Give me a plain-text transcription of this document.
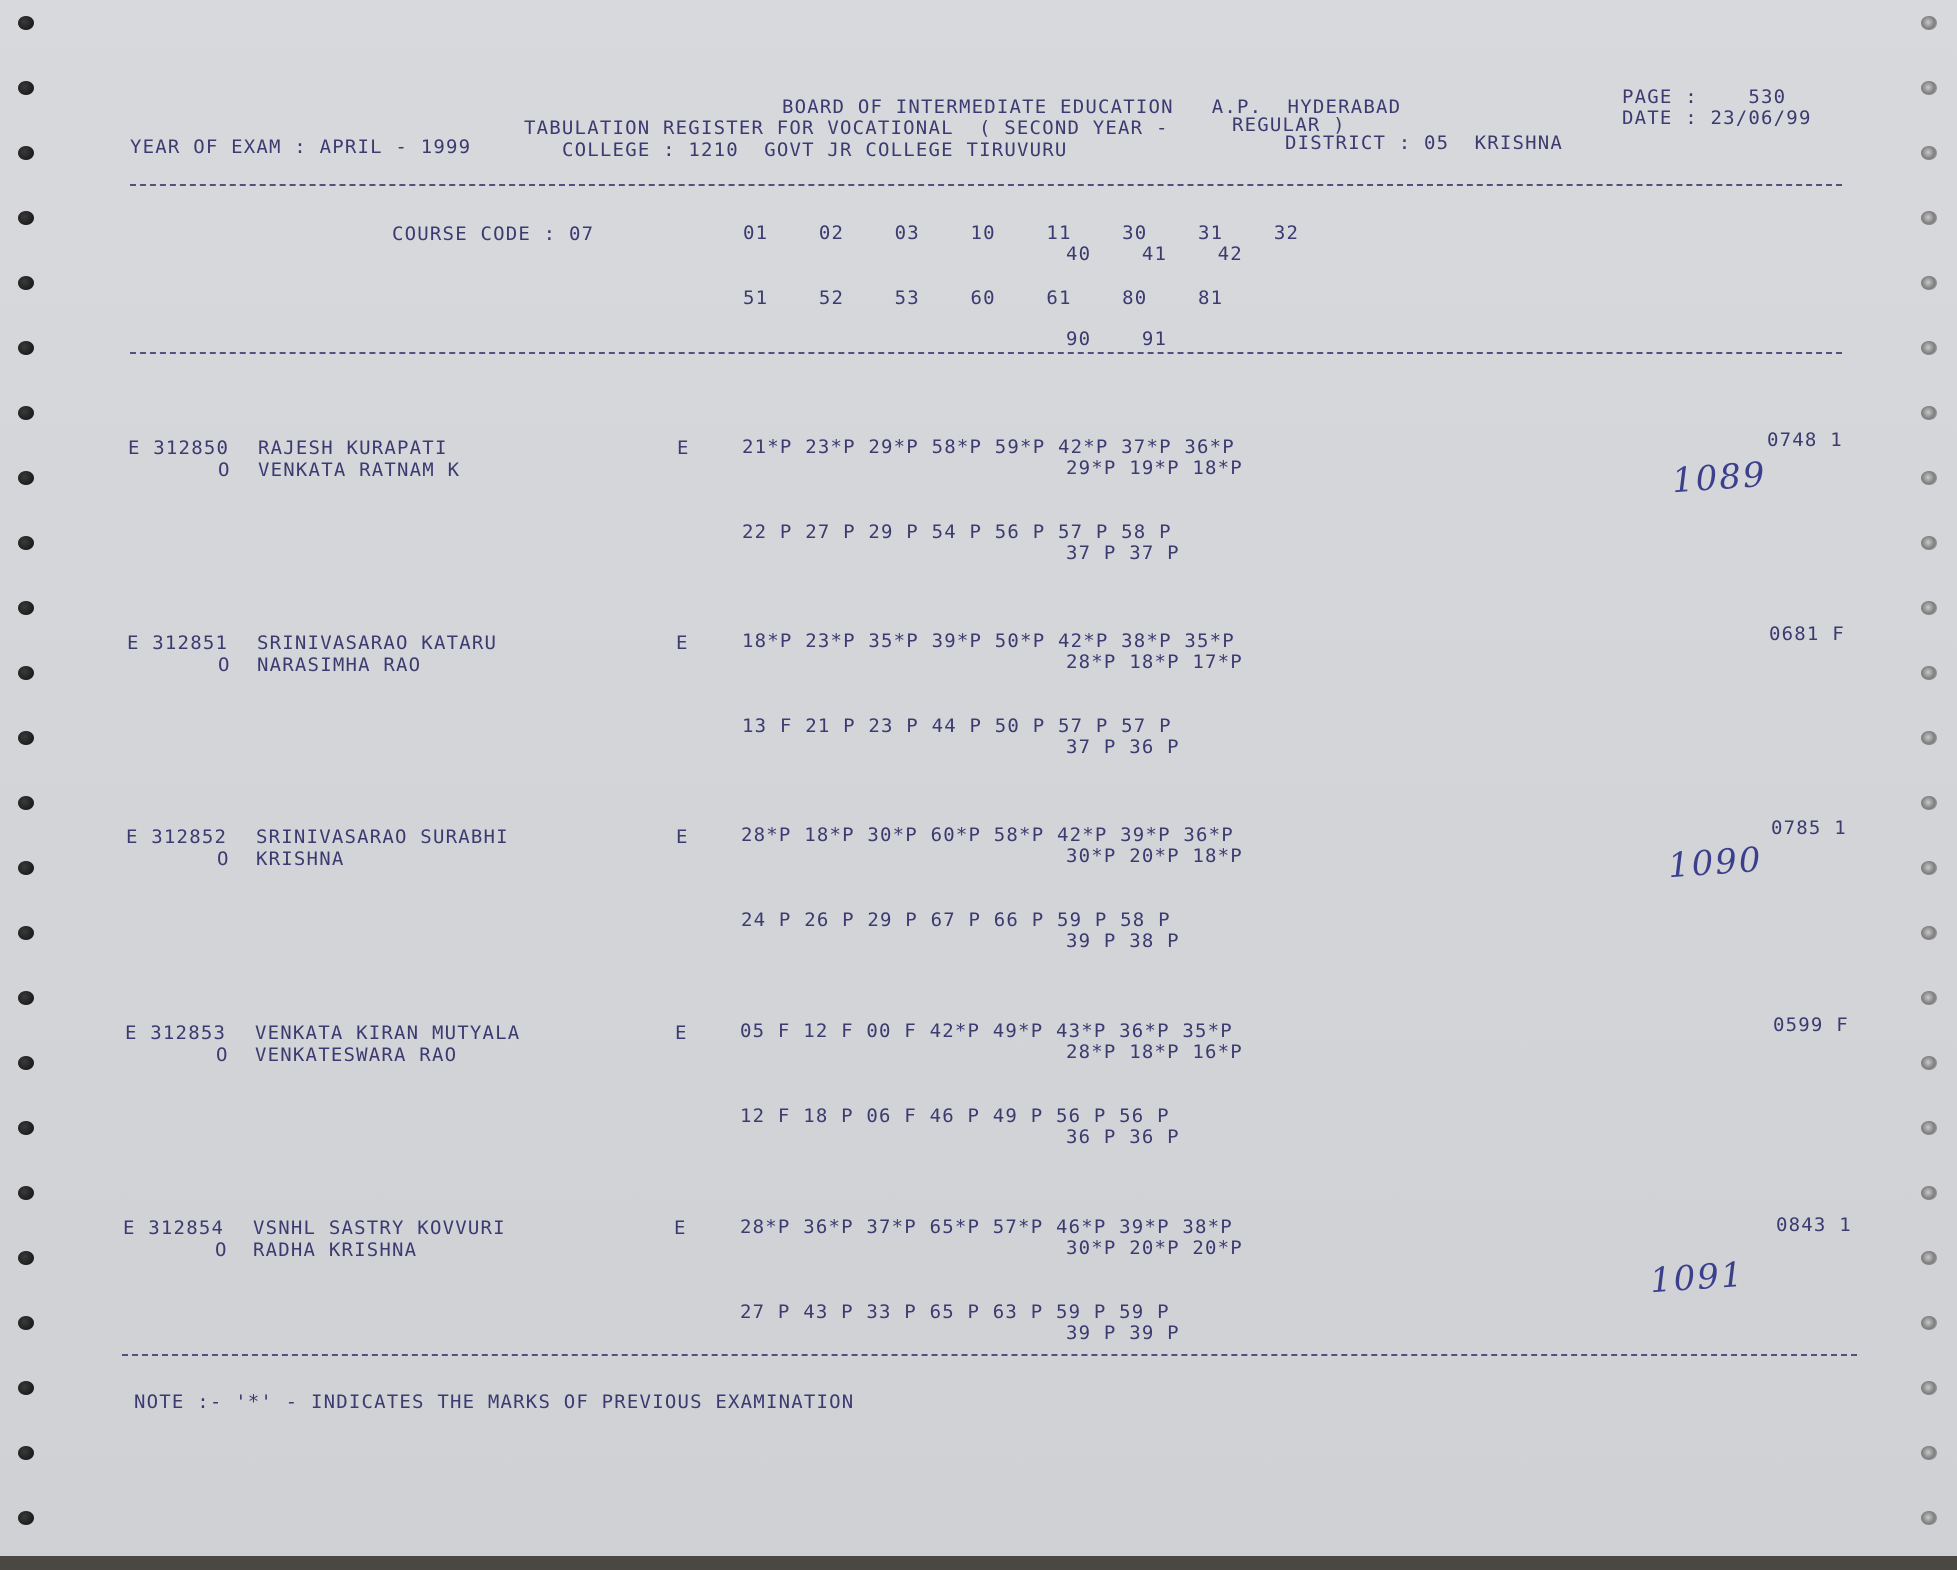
BOARD OF INTERMEDIATE EDUCATION   A.P.  HYDERABAD
TABULATION REGISTER FOR VOCATIONAL  ( SECOND YEAR -	REGULAR )
YEAR OF EXAM : APRIL - 1999	COLLEGE : 1210  GOVT JR COLLEGE TIRUVURU	DISTRICT : 05  KRISHNA
PAGE :    530
DATE : 23/06/99
COURSE CODE : 07	01    02    03    10    11    30    31    32
40    41    42
51    52    53    60    61    80    81
90    91
E 312850 RAJESH KURAPATI
O VENKATA RATNAM K
E	21*P 23*P 29*P 58*P 59*P 42*P 37*P 36*P
29*P 19*P 18*P
22 P 27 P 29 P 54 P 56 P 57 P 58 P
37 P 37 P
0748 1
1089
E 312851 SRINIVASARAO KATARU
O NARASIMHA RAO
E	18*P 23*P 35*P 39*P 50*P 42*P 38*P 35*P
28*P 18*P 17*P
13 F 21 P 23 P 44 P 50 P 57 P 57 P
37 P 36 P
0681 F
E 312852 SRINIVASARAO SURABHI
O KRISHNA
E	28*P 18*P 30*P 60*P 58*P 42*P 39*P 36*P
30*P 20*P 18*P
24 P 26 P 29 P 67 P 66 P 59 P 58 P
39 P 38 P
0785 1
1090
E 312853 VENKATA KIRAN MUTYALA
O VENKATESWARA RAO
E	05 F 12 F 00 F 42*P 49*P 43*P 36*P 35*P
28*P 18*P 16*P
12 F 18 P 06 F 46 P 49 P 56 P 56 P
36 P 36 P
0599 F
E 312854 VSNHL SASTRY KOVVURI
O RADHA KRISHNA
E	28*P 36*P 37*P 65*P 57*P 46*P 39*P 38*P
30*P 20*P 20*P
27 P 43 P 33 P 65 P 63 P 59 P 59 P
39 P 39 P
0843 1
1091
NOTE :- '*' - INDICATES THE MARKS OF PREVIOUS EXAMINATION
